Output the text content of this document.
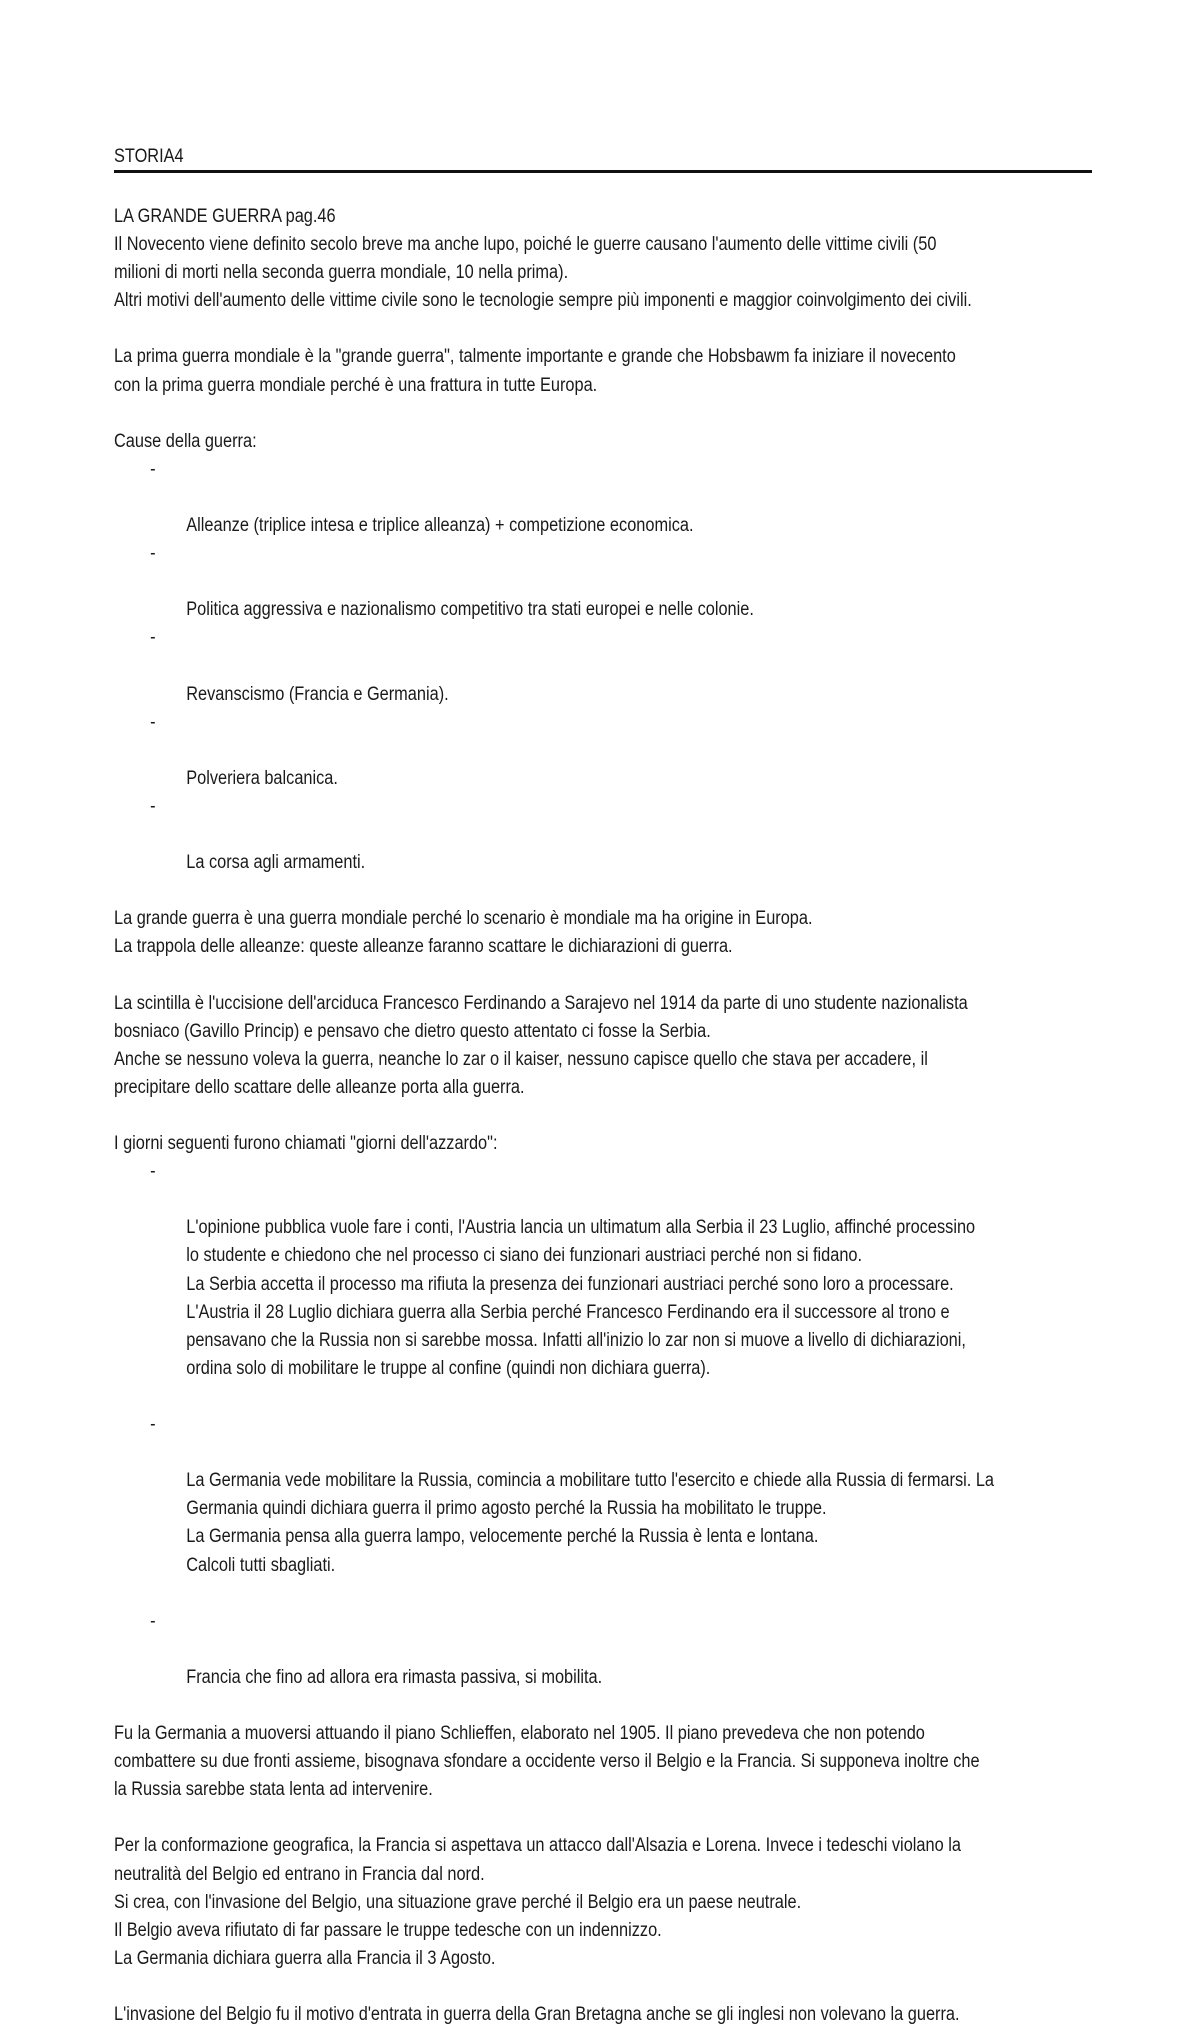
STORIA4

LA GRANDE GUERRA pag.46

Il Novecento viene definito secolo breve ma anche lupo, poiché le guerre causano l'aumento delle vittime civili (50
milioni di morti nella seconda guerra mondiale, 10 nella prima).

Altri motivi dell'aumento delle vittime civile sono le tecnologie sempre più imponenti e maggior coinvolgimento dei civili.

La prima guerra mondiale è la "grande guerra", talmente importante e grande che Hobsbawm fa iniziare il novecento
con la prima guerra mondiale perché è una frattura in tutte Europa.

Cause della guerra:

-

Alleanze (triplice intesa e triplice alleanza) + competizione economica.

-

Politica aggressiva e nazionalismo competitivo tra stati europei e nelle colonie.

-

Revanscismo (Francia e Germania).

-

Polveriera balcanica.

-

La corsa agli armamenti.

La grande guerra è una guerra mondiale perché lo scenario è mondiale ma ha origine in Europa.

La trappola delle alleanze: queste alleanze faranno scattare le dichiarazioni di guerra.

La scintilla è l'uccisione dell'arciduca Francesco Ferdinando a Sarajevo nel 1914 da parte di uno studente nazionalista
bosniaco (Gavillo Princip) e pensavo che dietro questo attentato ci fosse la Serbia.

Anche se nessuno voleva la guerra, neanche lo zar o il kaiser, nessuno capisce quello che stava per accadere, il
precipitare dello scattare delle alleanze porta alla guerra.

I giorni seguenti furono chiamati "giorni dell'azzardo":

-

L'opinione pubblica vuole fare i conti, l'Austria lancia un ultimatum alla Serbia il 23 Luglio, affinché processino
lo studente e chiedono che nel processo ci siano dei funzionari austriaci perché non si fidano.
La Serbia accetta il processo ma rifiuta la presenza dei funzionari austriaci perché sono loro a processare.
L'Austria il 28 Luglio dichiara guerra alla Serbia perché Francesco Ferdinando era il successore al trono e
pensavano che la Russia non si sarebbe mossa. Infatti all'inizio lo zar non si muove a livello di dichiarazioni,
ordina solo di mobilitare le truppe al confine (quindi non dichiara guerra).

-

La Germania vede mobilitare la Russia, comincia a mobilitare tutto l'esercito e chiede alla Russia di fermarsi. La
Germania quindi dichiara guerra il primo agosto perché la Russia ha mobilitato le truppe.
La Germania pensa alla guerra lampo, velocemente perché la Russia è lenta e lontana.
Calcoli tutti sbagliati.

-

Francia che fino ad allora era rimasta passiva, si mobilita.

Fu la Germania a muoversi attuando il piano Schlieffen, elaborato nel 1905. Il piano prevedeva che non potendo
combattere su due fronti assieme, bisognava sfondare a occidente verso il Belgio e la Francia. Si supponeva inoltre che
la Russia sarebbe stata lenta ad intervenire.

Per la conformazione geografica, la Francia si aspettava un attacco dall'Alsazia e Lorena. Invece i tedeschi violano la
neutralità del Belgio ed entrano in Francia dal nord.

Si crea, con l'invasione del Belgio, una situazione grave perché il Belgio era un paese neutrale.

Il Belgio aveva rifiutato di far passare le truppe tedesche con un indennizzo.

La Germania dichiara guerra alla Francia il 3 Agosto.

L'invasione del Belgio fu il motivo d'entrata in guerra della Gran Bretagna anche se gli inglesi non volevano la guerra.
